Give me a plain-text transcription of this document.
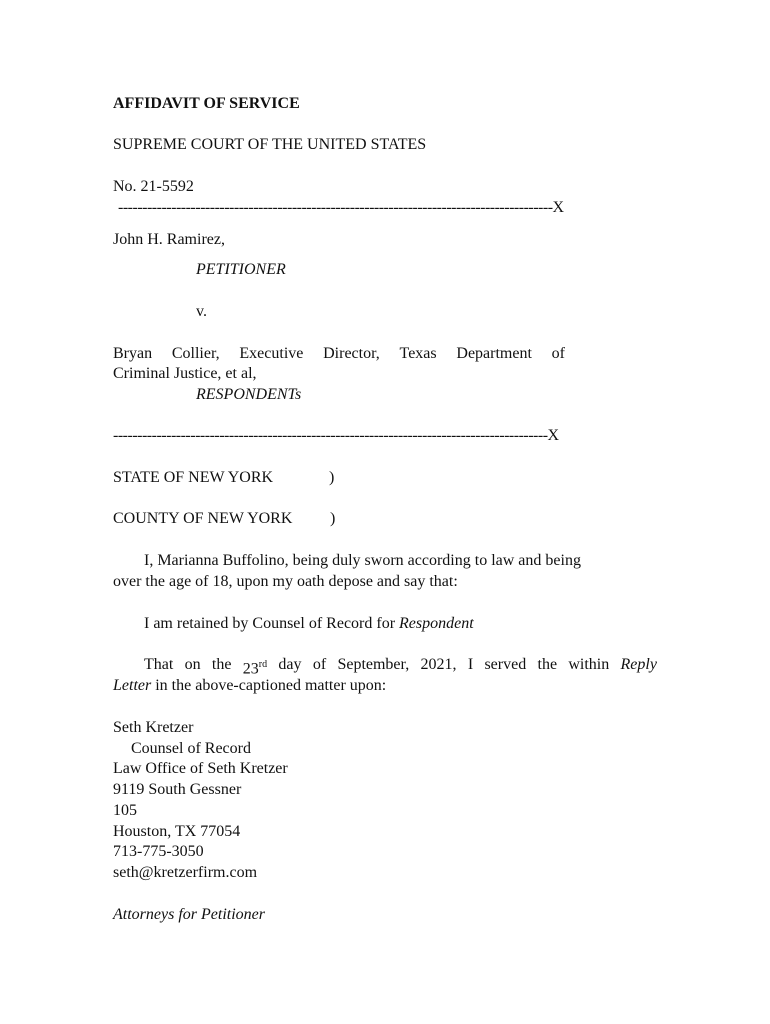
AFFIDAVIT OF SERVICE
SUPREME COURT OF THE UNITED STATES
No. 21-5592
------------------------------------------------------------------------------------------X
John H. Ramirez,
PETITIONER
v.
Bryan Collier, Executive Director, Texas Department of
Criminal Justice, et al,
RESPONDENTs
------------------------------------------------------------------------------------------X
STATE OF NEW YORK	)
COUNTY OF NEW YORK )
I, Marianna Buffolino, being duly sworn according to law and being
over the age of 18, upon my oath depose and say that:
I am retained by Counsel of Record for Respondent
That on the 23rd day of September, 2021, I served the within Reply
Letter in the above-captioned matter upon:
Seth Kretzer
Counsel of Record
Law Office of Seth Kretzer
9119 South Gessner
105
Houston, TX 77054
713-775-3050
seth@kretzerfirm.com
Attorneys for Petitioner
